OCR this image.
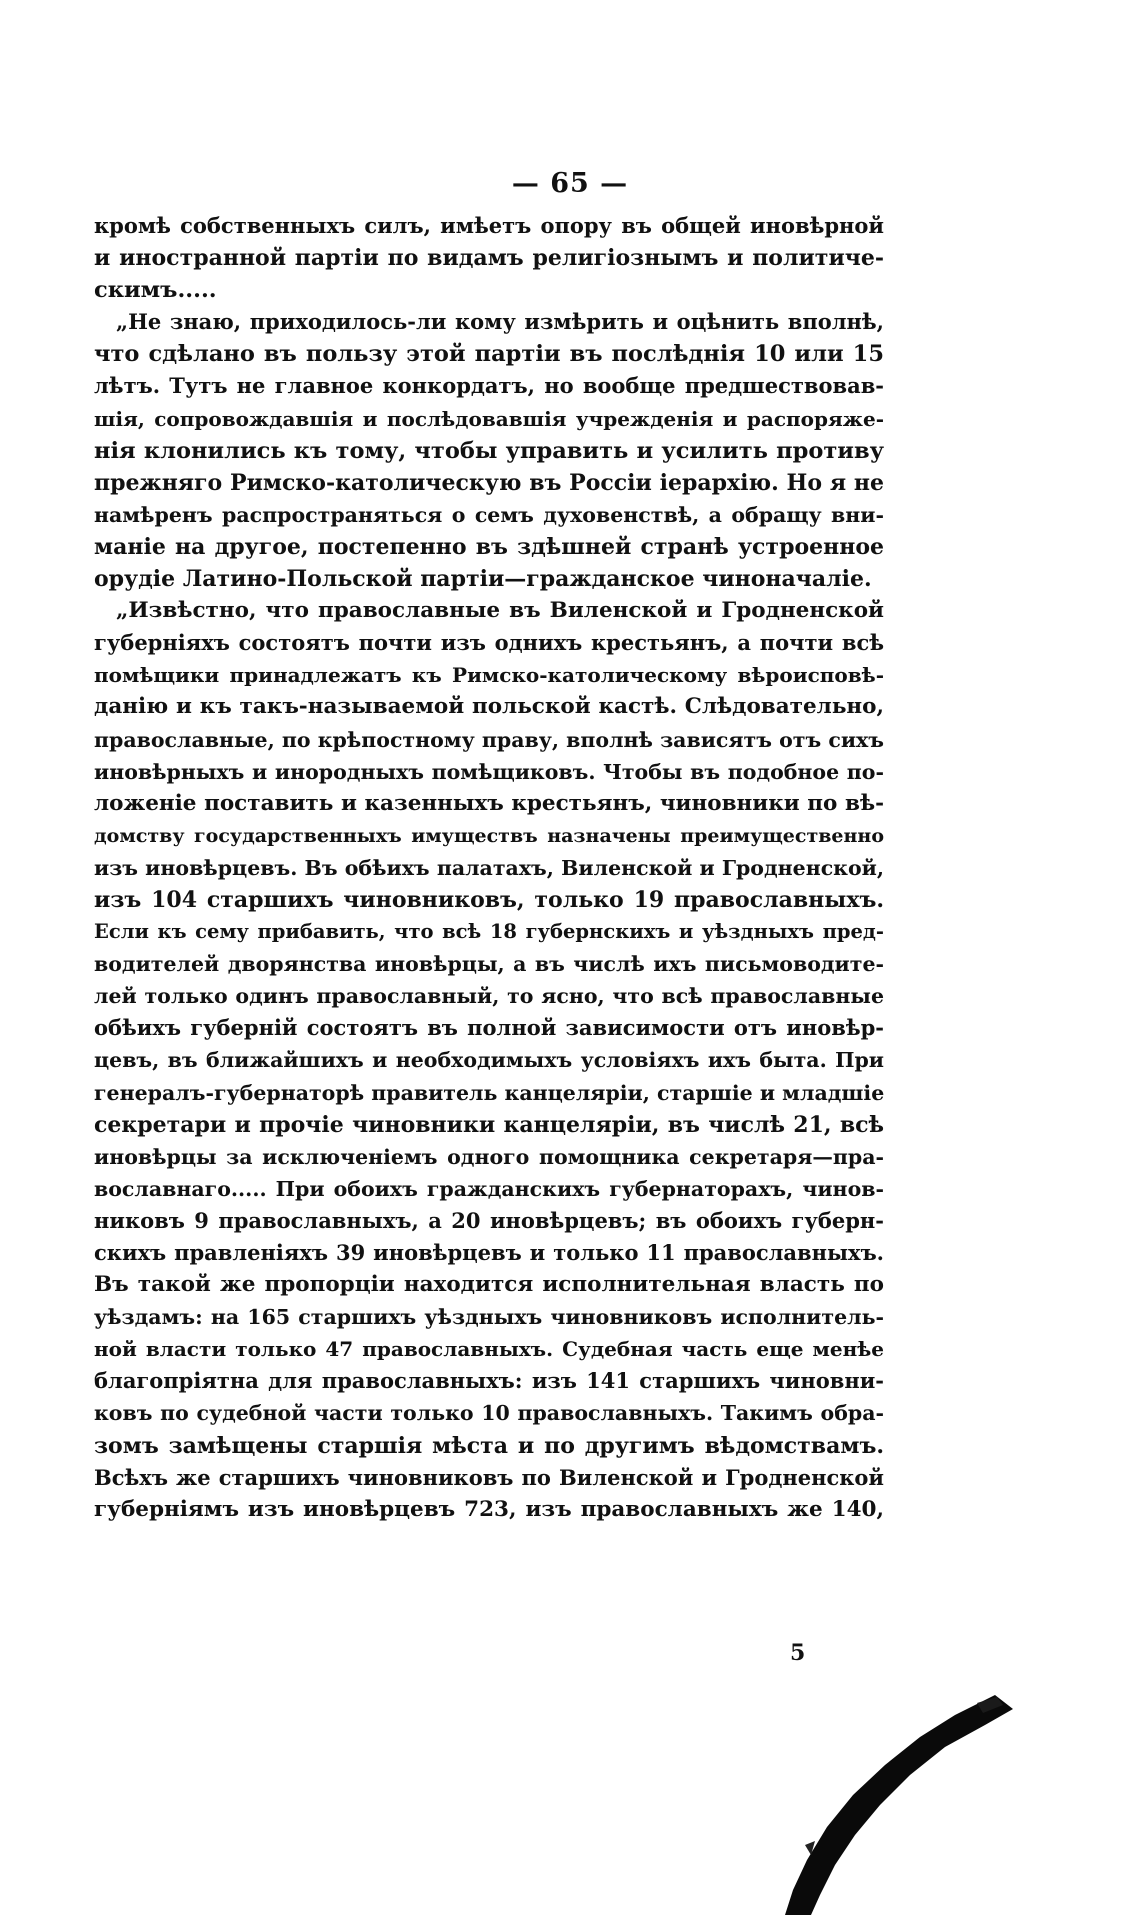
— 65 —
кромѣ собственныхъ силъ, имѣетъ опору въ общей иновѣрной
и иностранной партіи по видамъ религіознымъ и политиче-
скимъ.....
„Не знаю, приходилось-ли кому измѣрить и оцѣнить вполнѣ,
что сдѣлано въ пользу этой партіи въ послѣднія 10 или 15
лѣтъ. Тутъ не главное конкордатъ, но вообще предшествовав-
шія, сопровождавшія и послѣдовавшія учрежденія и распоряже-
нія клонились къ тому, чтобы управить и усилить противу
прежняго Римско-католическую въ Россіи іерархію. Но я не
намѣренъ распространяться о семъ духовенствѣ, а обращу вни-
маніе на другое, постепенно въ здѣшней странѣ устроенное
орудіе Латино-Польской партіи—гражданское чиноначаліе.
„Извѣстно, что православные въ Виленской и Гродненской
губерніяхъ состоятъ почти изъ однихъ крестьянъ, а почти всѣ
помѣщики принадлежатъ къ Римско-католическому вѣроисповѣ-
данію и къ такъ-называемой польской кастѣ. Слѣдовательно,
православные, по крѣпостному праву, вполнѣ зависятъ отъ сихъ
иновѣрныхъ и инородныхъ помѣщиковъ. Чтобы въ подобное по-
ложеніе поставить и казенныхъ крестьянъ, чиновники по вѣ-
домству государственныхъ имуществъ назначены преимущественно
изъ иновѣрцевъ. Въ обѣихъ палатахъ, Виленской и Гродненской,
изъ 104 старшихъ чиновниковъ, только 19 православныхъ.
Если къ сему прибавить, что всѣ 18 губернскихъ и уѣздныхъ пред-
водителей дворянства иновѣрцы, а въ числѣ ихъ письмоводите-
лей только одинъ православный, то ясно, что всѣ православные
обѣихъ губерній состоятъ въ полной зависимости отъ иновѣр-
цевъ, въ ближайшихъ и необходимыхъ условіяхъ ихъ быта. При
генералъ-губернаторѣ правитель канцеляріи, старшіе и младшіе
секретари и прочіе чиновники канцеляріи, въ числѣ 21, всѣ
иновѣрцы за исключеніемъ одного помощника секретаря—пра-
вославнаго..... При обоихъ гражданскихъ губернаторахъ, чинов-
никовъ 9 православныхъ, а 20 иновѣрцевъ; въ обоихъ губерн-
скихъ правленіяхъ 39 иновѣрцевъ и только 11 православныхъ.
Въ такой же пропорціи находится исполнительная власть по
уѣздамъ: на 165 старшихъ уѣздныхъ чиновниковъ исполнитель-
ной власти только 47 православныхъ. Судебная часть еще менѣе
благопріятна для православныхъ: изъ 141 старшихъ чиновни-
ковъ по судебной части только 10 православныхъ. Такимъ обра-
зомъ замѣщены старшія мѣста и по другимъ вѣдомствамъ.
Всѣхъ же старшихъ чиновниковъ по Виленской и Гродненской
губерніямъ изъ иновѣрцевъ 723, изъ православныхъ же 140,
5
